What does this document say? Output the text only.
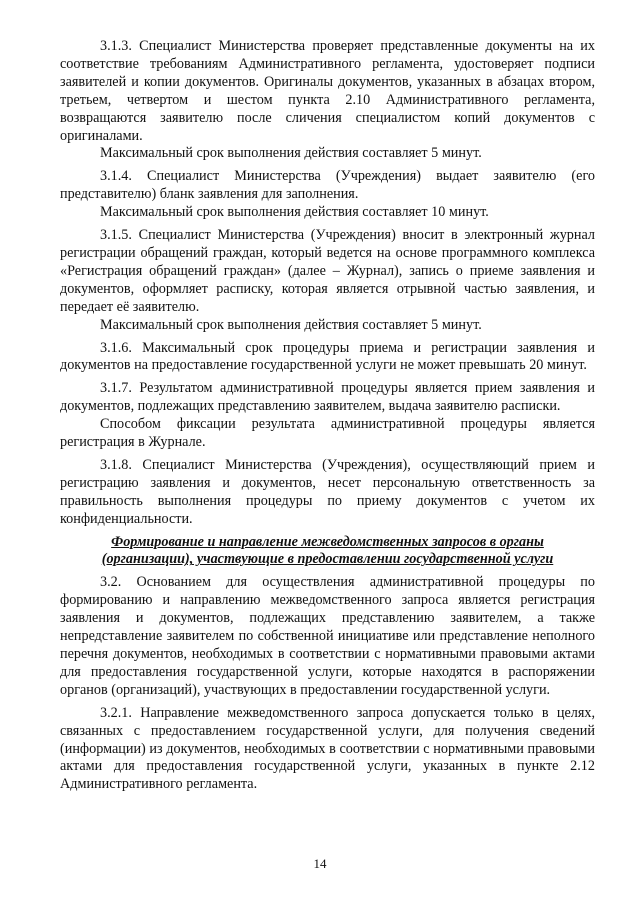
3.1.3. Специалист Министерства проверяет представленные документы на их соответствие требованиям Административного регламента, удостоверяет подписи заявителей и копии документов. Оригиналы документов, указанных в абзацах втором, третьем, четвертом и шестом пункта 2.10 Административного регламента, возвращаются заявителю после сличения специалистом копий документов с оригиналами.

Максимальный срок выполнения действия составляет 5 минут.

3.1.4. Специалист Министерства (Учреждения) выдает заявителю (его представителю) бланк заявления для заполнения.

Максимальный срок выполнения действия составляет 10 минут.

3.1.5. Специалист Министерства (Учреждения) вносит в электронный журнал регистрации обращений граждан, который ведется на основе программного комплекса «Регистрация обращений граждан» (далее – Журнал), запись о приеме заявления и документов, оформляет расписку, которая является отрывной частью заявления, и передает её заявителю.

Максимальный срок выполнения действия составляет 5 минут.

3.1.6. Максимальный срок процедуры приема и регистрации заявления и документов на предоставление государственной услуги не может превышать 20 минут.

3.1.7. Результатом административной процедуры является прием заявления и документов, подлежащих представлению заявителем, выдача заявителю расписки.

Способом фиксации результата административной процедуры является регистрация в Журнале.

3.1.8. Специалист Министерства (Учреждения), осуществляющий прием и регистрацию заявления и документов, несет персональную ответственность за правильность выполнения процедуры по приему документов с учетом их конфиденциальности.

Формирование и направление межведомственных запросов в органы
(организации), участвующие в предоставлении государственной услуги

3.2. Основанием для осуществления административной процедуры по формированию и направлению межведомственного запроса является регистрация заявления и документов, подлежащих представлению заявителем, а также непредставление заявителем по собственной инициативе или представление неполного перечня документов, необходимых в соответствии с нормативными правовыми актами для предоставления государственной услуги, которые находятся в распоряжении органов (организаций), участвующих в предоставлении государственной услуги.

3.2.1. Направление межведомственного запроса допускается только в целях, связанных с предоставлением государственной услуги, для получения сведений (информации) из документов, необходимых в соответствии с нормативными правовыми актами для предоставления государственной услуги, указанных в пункте 2.12 Административного регламента.

14
